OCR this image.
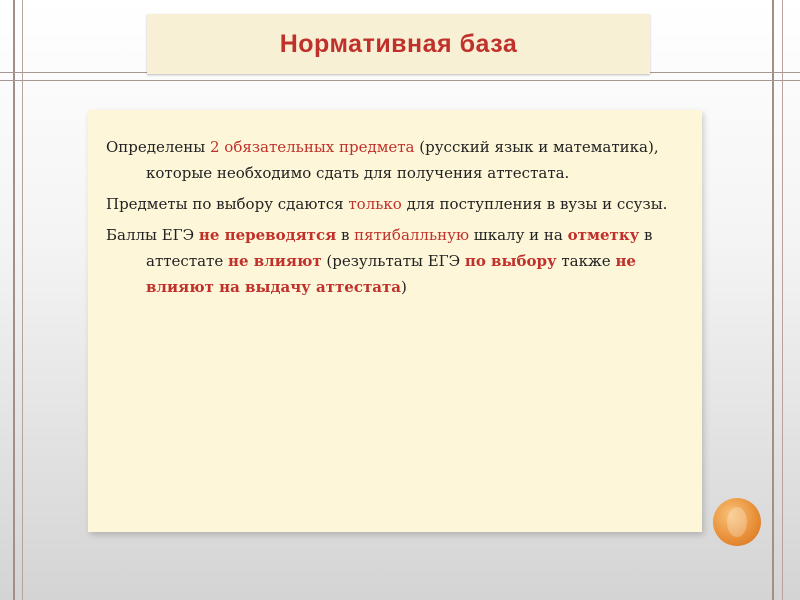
Нормативная база

Определены 2 обязательных предмета (русский язык и математика), которые необходимо сдать для получения аттестата.

Предметы по выбору сдаются только для поступления в вузы и ссузы.

Баллы ЕГЭ не переводятся в пятибалльную шкалу и на отметку в аттестате не влияют (результаты ЕГЭ по выбору также не влияют на выдачу аттестата)
